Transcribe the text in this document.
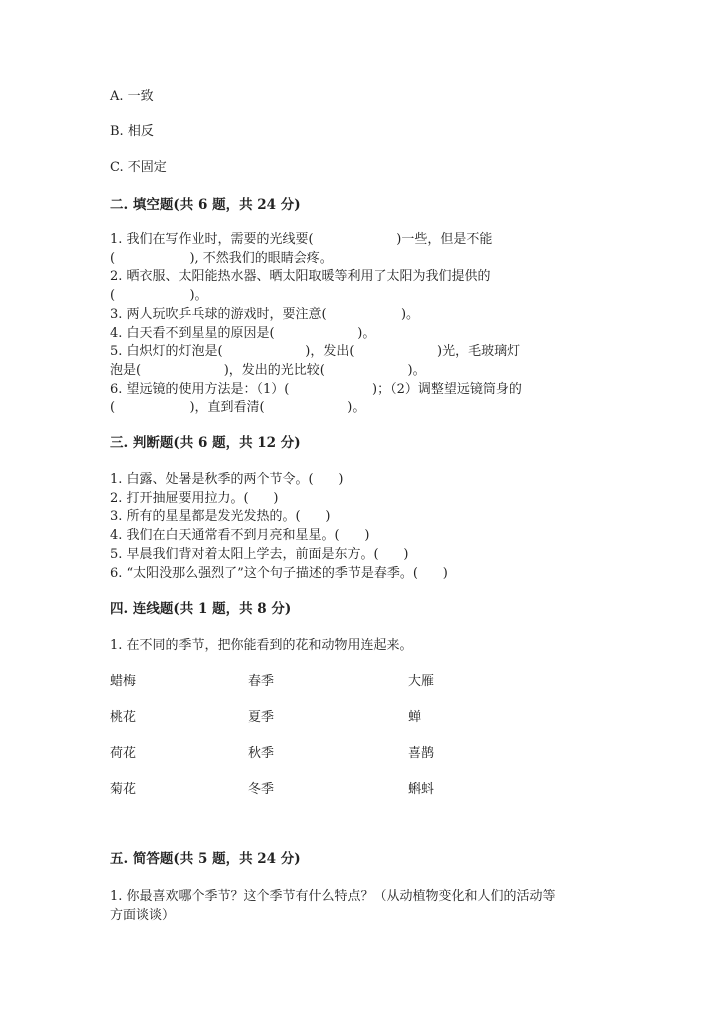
A. 一致
B. 相反
C. 不固定
二. 填空题(共 6 题，共 24 分)
1. 我们在写作业时，需要的光线要(                    )一些，但是不能
(                  ), 不然我们的眼睛会疼。
2. 晒衣服、太阳能热水器、晒太阳取暖等利用了太阳为我们提供的
(                  )。
3. 两人玩吹乒乓球的游戏时，要注意(                  )。
4. 白天看不到星星的原因是(                    )。
5. 白炽灯的灯泡是(                    )，发出(                    )光，毛玻璃灯
泡是(                    )，发出的光比较(                    )。
6. 望远镜的使用方法是：（1）(                    )；（2）调整望远镜筒身的
(                  )，直到看清(                    )。
三. 判断题(共 6 题，共 12 分)
1. 白露、处暑是秋季的两个节令。(      )
2. 打开抽屉要用拉力。(      )
3. 所有的星星都是发光发热的。(      )
4. 我们在白天通常看不到月亮和星星。(      )
5. 早晨我们背对着太阳上学去，前面是东方。(      )
6. “太阳没那么强烈了”这个句子描述的季节是春季。(      )
四. 连线题(共 1 题，共 8 分)
1. 在不同的季节，把你能看到的花和动物用连起来。
蜡梅	春季	大雁
桃花	夏季	蝉
荷花	秋季	喜鹊
菊花	冬季	蝌蚪
五. 简答题(共 5 题，共 24 分)
1. 你最喜欢哪个季节？这个季节有什么特点？（从动植物变化和人们的活动等
方面谈谈）
